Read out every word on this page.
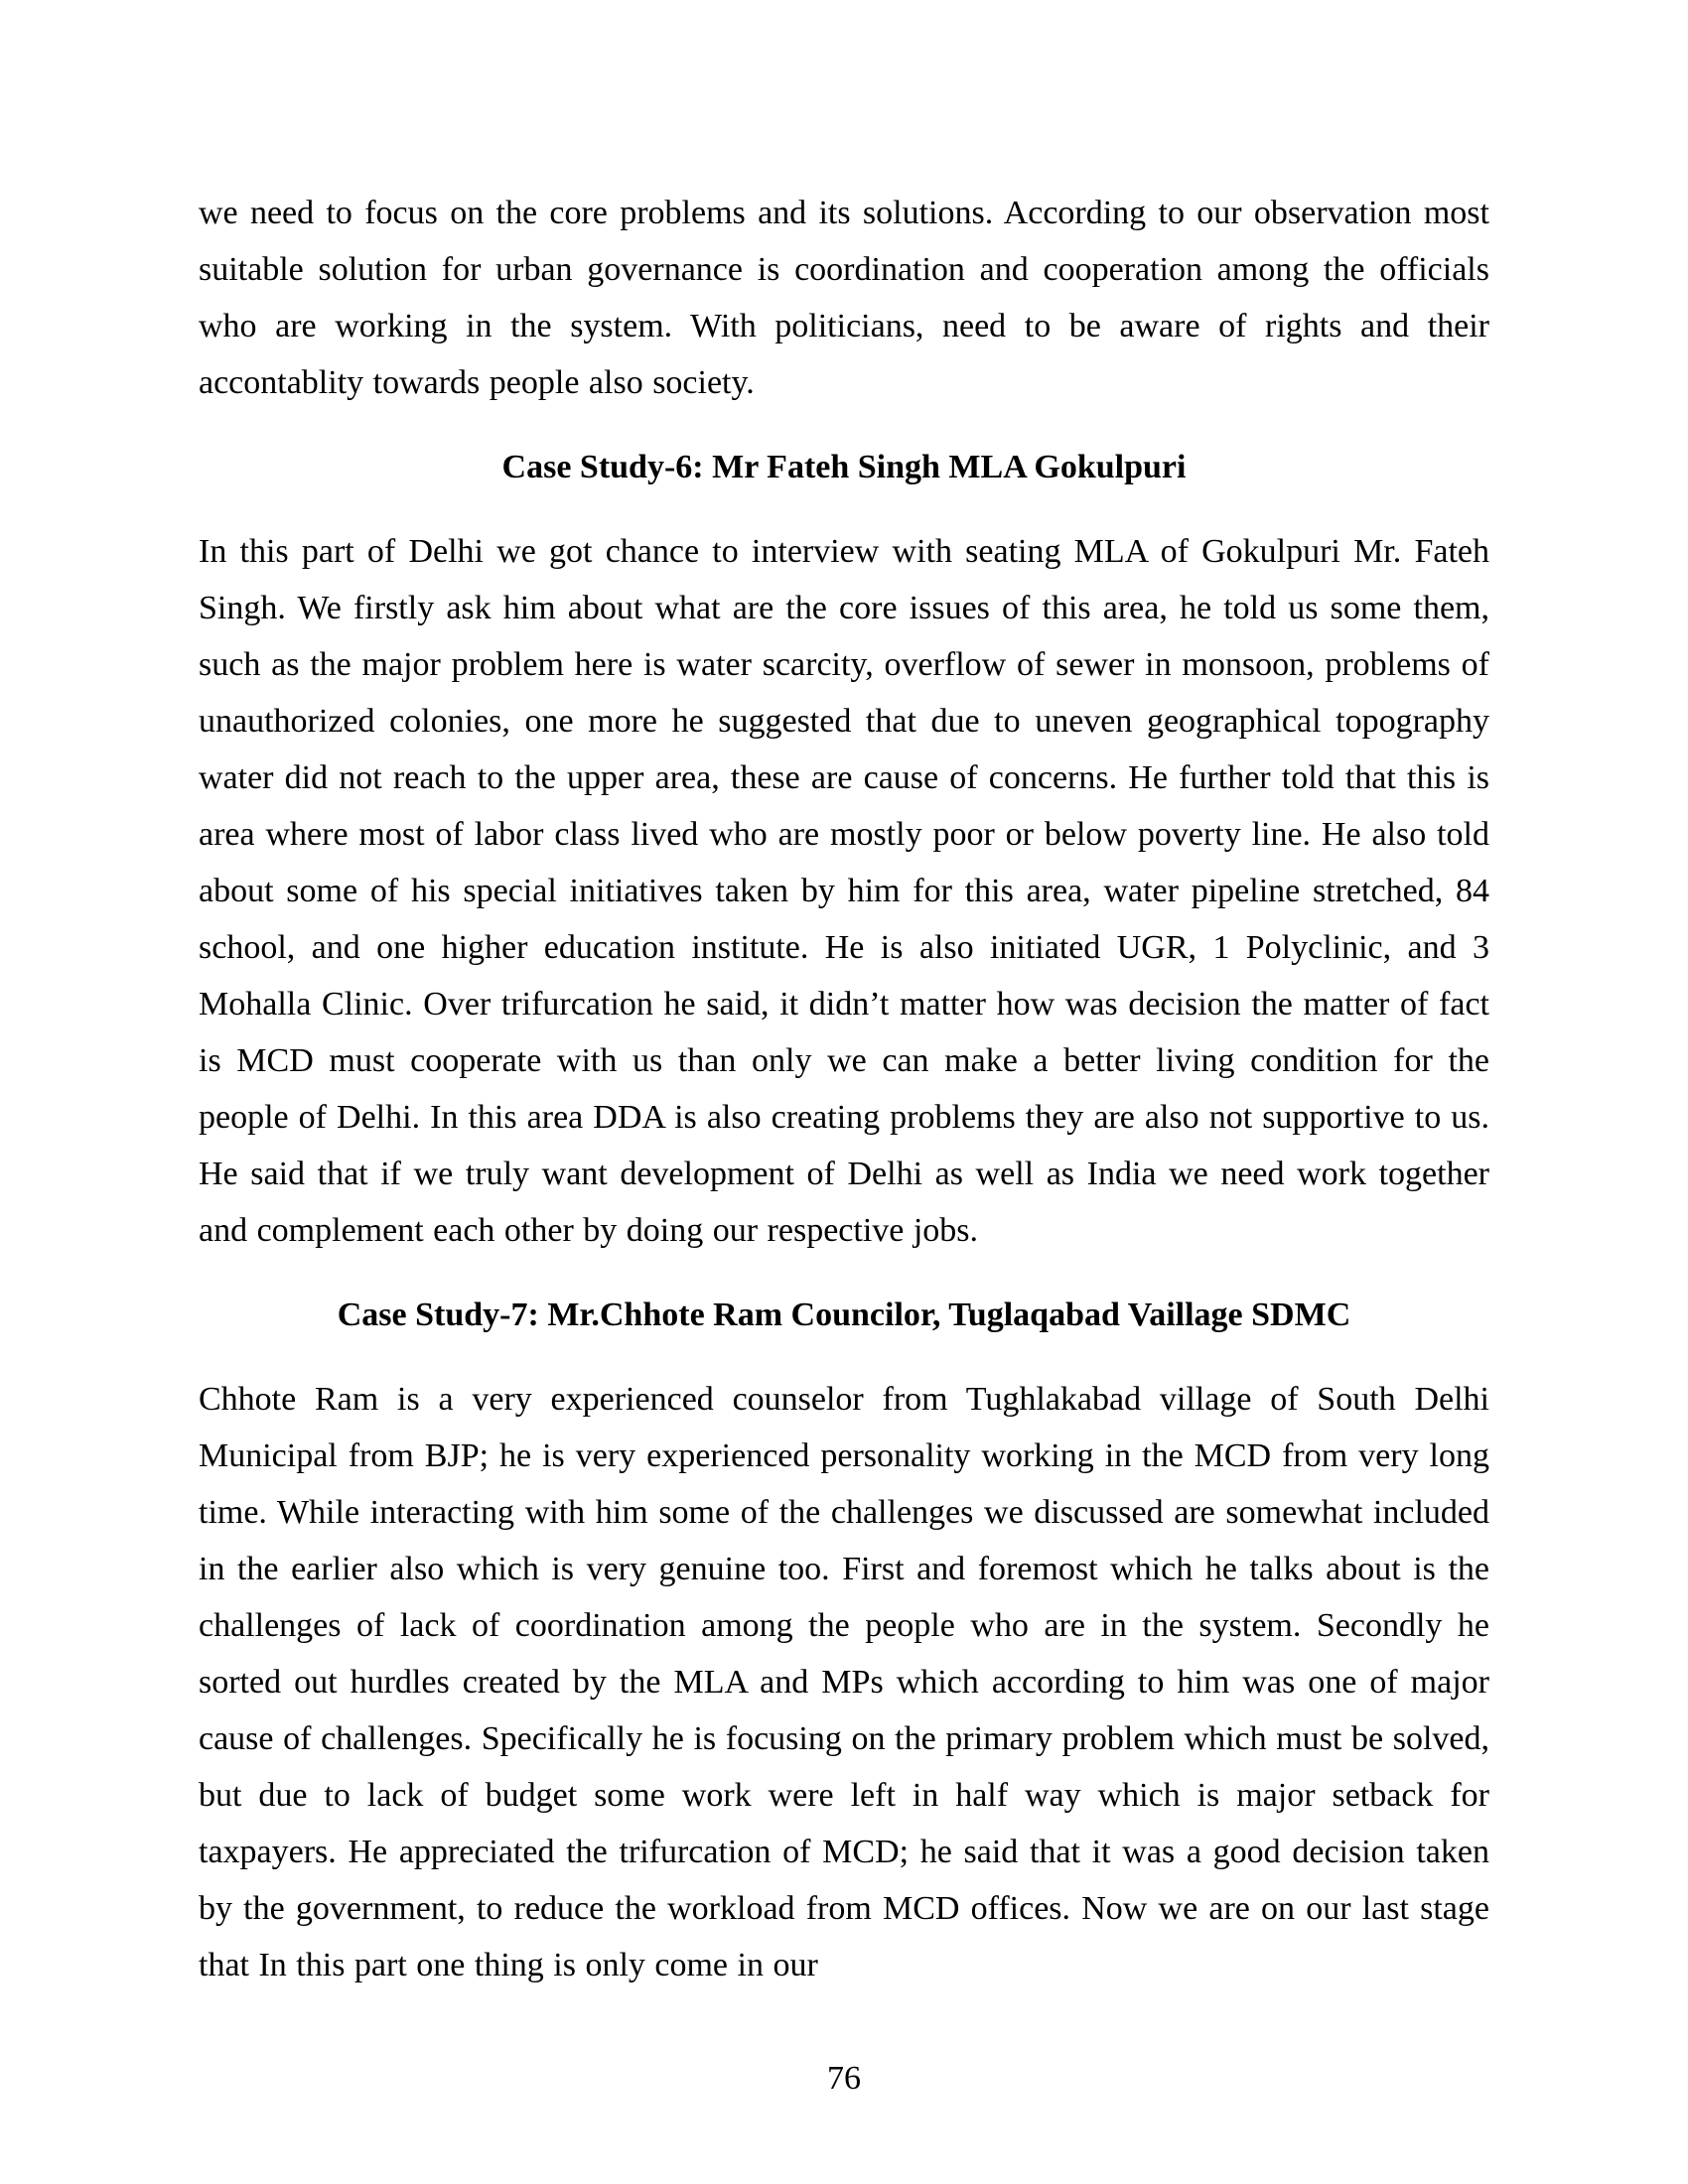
we need to focus on the core problems and its solutions. According to our observation most suitable solution for urban governance is coordination and cooperation among the officials who are working in the system. With politicians, need to be aware of rights and their accontablity towards people also society.

Case Study-6: Mr Fateh Singh MLA Gokulpuri

In this part of Delhi we got chance to interview with seating MLA of Gokulpuri Mr. Fateh Singh. We firstly ask him about what are the core issues of this area, he told us some them, such as the major problem here is water scarcity, overflow of sewer in monsoon, problems of unauthorized colonies, one more he suggested that due to uneven geographical topography water did not reach to the upper area, these are cause of concerns. He further told that this is area where most of labor class lived who are mostly poor or below poverty line. He also told about some of his special initiatives taken by him for this area, water pipeline stretched, 84 school, and one higher education institute. He is also initiated UGR, 1 Polyclinic, and 3 Mohalla Clinic. Over trifurcation he said, it didn’t matter how was decision the matter of fact is MCD must cooperate with us than only we can make a better living condition for the people of Delhi. In this area DDA is also creating problems they are also not supportive to us. He said that if we truly want development of Delhi as well as India we need work together and complement each other by doing our respective jobs.

Case Study-7: Mr.Chhote Ram Councilor, Tuglaqabad Vaillage SDMC

Chhote Ram is a very experienced counselor from Tughlakabad village of South Delhi Municipal from BJP; he is very experienced personality working in the MCD from very long time. While interacting with him some of the challenges we discussed are somewhat included in the earlier also which is very genuine too. First and foremost which he talks about is the challenges of lack of coordination among the people who are in the system. Secondly he sorted out hurdles created by the MLA and MPs which according to him was one of major cause of challenges. Specifically he is focusing on the primary problem which must be solved, but due to lack of budget some work were left in half way which is major setback for taxpayers. He appreciated the trifurcation of MCD; he said that it was a good decision taken by the government, to reduce the workload from MCD offices. Now we are on our last stage that In this part one thing is only come in our

76
